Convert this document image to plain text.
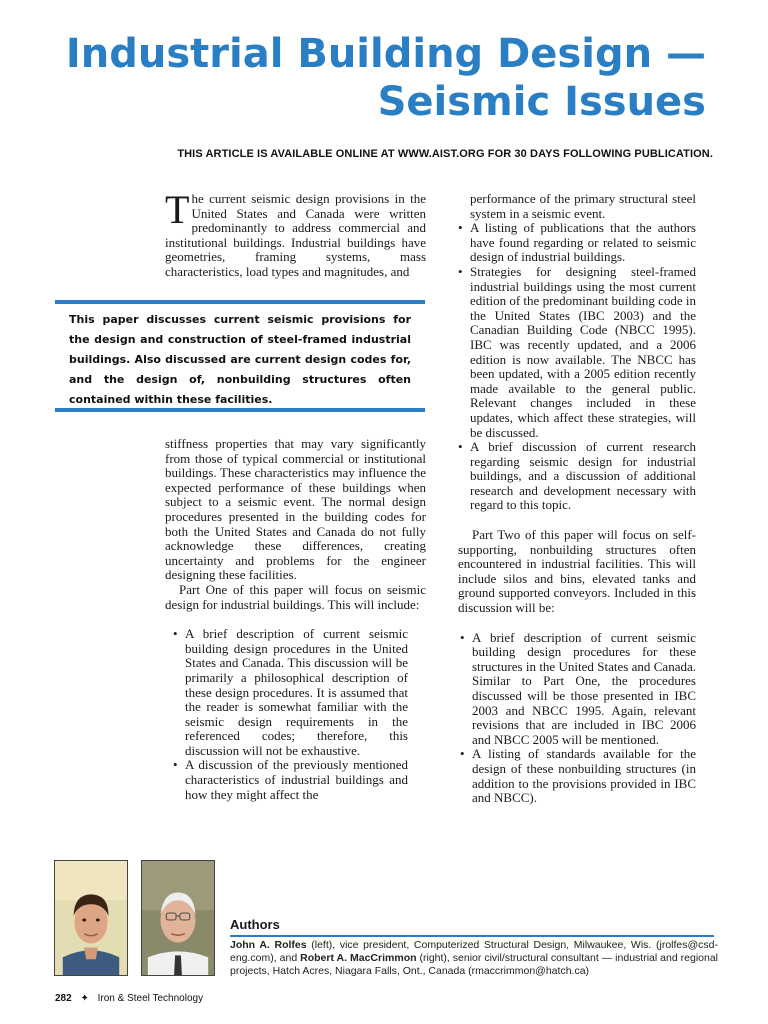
Industrial Building Design —
Seismic Issues
THIS ARTICLE IS AVAILABLE ONLINE AT WWW.AIST.ORG FOR 30 DAYS FOLLOWING PUBLICATION.

The current seismic design provisions in the United States and Canada were written predominantly to address commercial and institutional buildings. Industrial buildings have geometries, framing systems, mass characteristics, load types and magnitudes, and

This paper discusses current seismic provisions for the design and construction of steel-framed industrial buildings. Also discussed are current design codes for, and the design of, nonbuilding structures often contained within these facilities.

stiffness properties that may vary significantly from those of typical commercial or institutional buildings. These characteristics may influence the expected performance of these buildings when subject to a seismic event. The normal design procedures presented in the building codes for both the United States and Canada do not fully acknowledge these differences, creating uncertainty and problems for the engineer designing these facilities.

Part One of this paper will focus on seismic design for industrial buildings. This will include:

• A brief description of current seismic building design procedures in the United States and Canada. This discussion will be primarily a philosophical description of these design procedures. It is assumed that the reader is somewhat familiar with the seismic design requirements in the referenced codes; therefore, this discussion will not be exhaustive.
• A discussion of the previously mentioned characteristics of industrial buildings and how they might affect the

performance of the primary structural steel system in a seismic event.

• A listing of publications that the authors have found regarding or related to seismic design of industrial buildings.
• Strategies for designing steel-framed industrial buildings using the most current edition of the predominant building code in the United States (IBC 2003) and the Canadian Building Code (NBCC 1995). IBC was recently updated, and a 2006 edition is now available. The NBCC has been updated, with a 2005 edition recently made available to the general public. Relevant changes included in these updates, which affect these strategies, will be discussed.
• A brief discussion of current research regarding seismic design for industrial buildings, and a discussion of additional research and development necessary with regard to this topic.

Part Two of this paper will focus on self-supporting, nonbuilding structures often encountered in industrial facilities. This will include silos and bins, elevated tanks and ground supported conveyors. Included in this discussion will be:

• A brief description of current seismic building design procedures for these structures in the United States and Canada. Similar to Part One, the procedures discussed will be those presented in IBC 2003 and NBCC 1995. Again, relevant revisions that are included in IBC 2006 and NBCC 2005 will be mentioned.
• A listing of standards available for the design of these nonbuilding structures (in addition to the provisions provided in IBC and NBCC).
Authors

John A. Rolfes (left), vice president, Computerized Structural Design, Milwaukee, Wis. (jrolfes@csd-eng.com), and Robert A. MacCrimmon (right), senior civil/structural consultant — industrial and regional projects, Hatch Acres, Niagara Falls, Ont., Canada (rmaccrimmon@hatch.ca)

282 ✦ Iron & Steel Technology
